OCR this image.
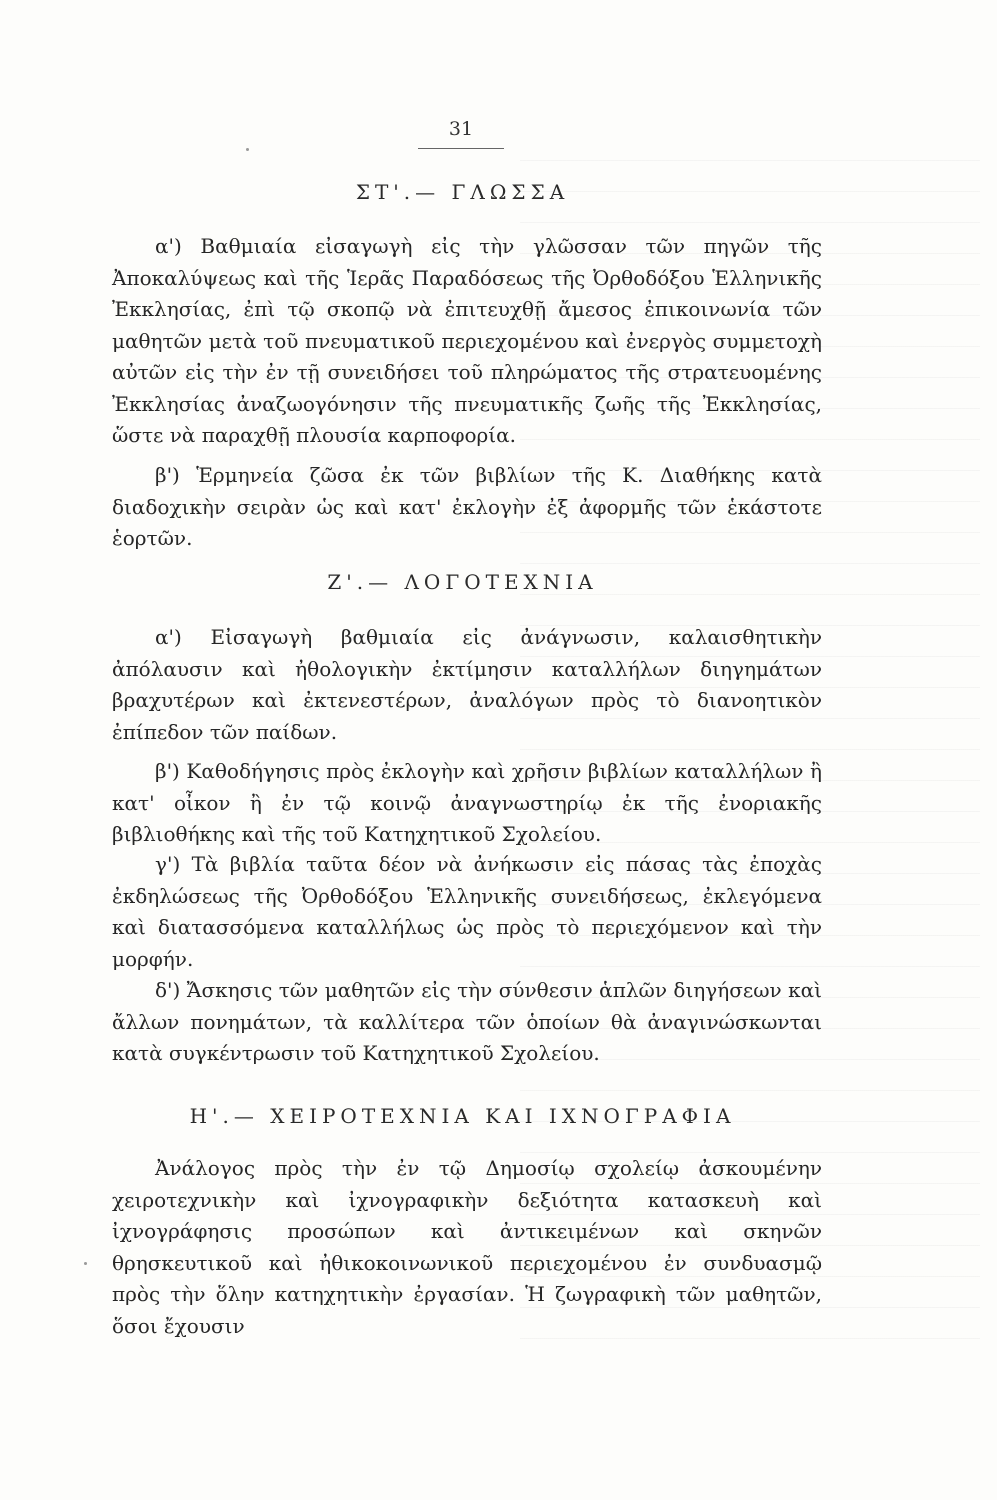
31
ΣΤ'.— ΓΛΩΣΣΑ
α') Βαθμιαία εἰσαγωγὴ εἰς τὴν γλῶσσαν τῶν πηγῶν τῆς Ἀποκαλύψεως καὶ τῆς Ἱερᾶς Παραδόσεως τῆς Ὀρθοδόξου Ἑλληνικῆς Ἐκκλησίας, ἐπὶ τῷ σκοπῷ νὰ ἐπιτευχθῇ ἄμεσος ἐπικοινωνία τῶν μαθητῶν μετὰ τοῦ πνευματικοῦ περιεχομένου καὶ ἐνεργὸς συμμετοχὴ αὐτῶν εἰς τὴν ἐν τῇ συνειδήσει τοῦ πληρώματος τῆς στρατευομένης Ἐκκλησίας ἀναζωογόνησιν τῆς πνευματικῆς ζωῆς τῆς Ἐκκλησίας, ὥστε νὰ παραχθῇ πλουσία καρποφορία.
β') Ἑρμηνεία ζῶσα ἐκ τῶν βιβλίων τῆς Κ. Διαθήκης κατὰ διαδοχικὴν σειρὰν ὡς καὶ κατ' ἐκλογὴν ἐξ ἀφορμῆς τῶν ἑκάστοτε ἑορτῶν.
Ζ'.— ΛΟΓΟΤΕΧΝΙΑ
α') Εἰσαγωγὴ βαθμιαία εἰς ἀνάγνωσιν, καλαισθητικὴν ἀπόλαυσιν καὶ ἠθολογικὴν ἐκτίμησιν καταλλήλων διηγημάτων βραχυτέρων καὶ ἐκτενεστέρων, ἀναλόγων πρὸς τὸ διανοητικὸν ἐπίπεδον τῶν παίδων.
β') Καθοδήγησις πρὸς ἐκλογὴν καὶ χρῆσιν βιβλίων καταλλήλων ἢ κατ' οἶκον ἢ ἐν τῷ κοινῷ ἀναγνωστηρίῳ ἐκ τῆς ἐνοριακῆς βιβλιοθήκης καὶ τῆς τοῦ Κατηχητικοῦ Σχολείου.
γ') Τὰ βιβλία ταῦτα δέον νὰ ἀνήκωσιν εἰς πάσας τὰς ἐποχὰς ἐκδηλώσεως τῆς Ὀρθοδόξου Ἑλληνικῆς συνειδήσεως, ἐκλεγόμενα καὶ διατασσόμενα καταλλήλως ὡς πρὸς τὸ περιεχόμενον καὶ τὴν μορφήν.
δ') Ἄσκησις τῶν μαθητῶν εἰς τὴν σύνθεσιν ἁπλῶν διηγήσεων καὶ ἄλλων πονημάτων, τὰ καλλίτερα τῶν ὁποίων θὰ ἀναγινώσκωνται κατὰ συγκέντρωσιν τοῦ Κατηχητικοῦ Σχολείου.
Η'.— ΧΕΙΡΟΤΕΧΝΙΑ ΚΑΙ ΙΧΝΟΓΡΑΦΙΑ
Ἀνάλογος πρὸς τὴν ἐν τῷ Δημοσίῳ σχολείῳ ἀσκουμένην χειροτεχνικὴν καὶ ἰχνογραφικὴν δεξιότητα κατασκευὴ καὶ ἰχνογράφησις προσώπων καὶ ἀντικειμένων καὶ σκηνῶν θρησκευτικοῦ καὶ ἠθικοκοινωνικοῦ περιεχομένου ἐν συνδυασμῷ πρὸς τὴν ὅλην κατηχητικὴν ἐργασίαν. Ἡ ζωγραφικὴ τῶν μαθητῶν, ὅσοι ἔχουσιν
